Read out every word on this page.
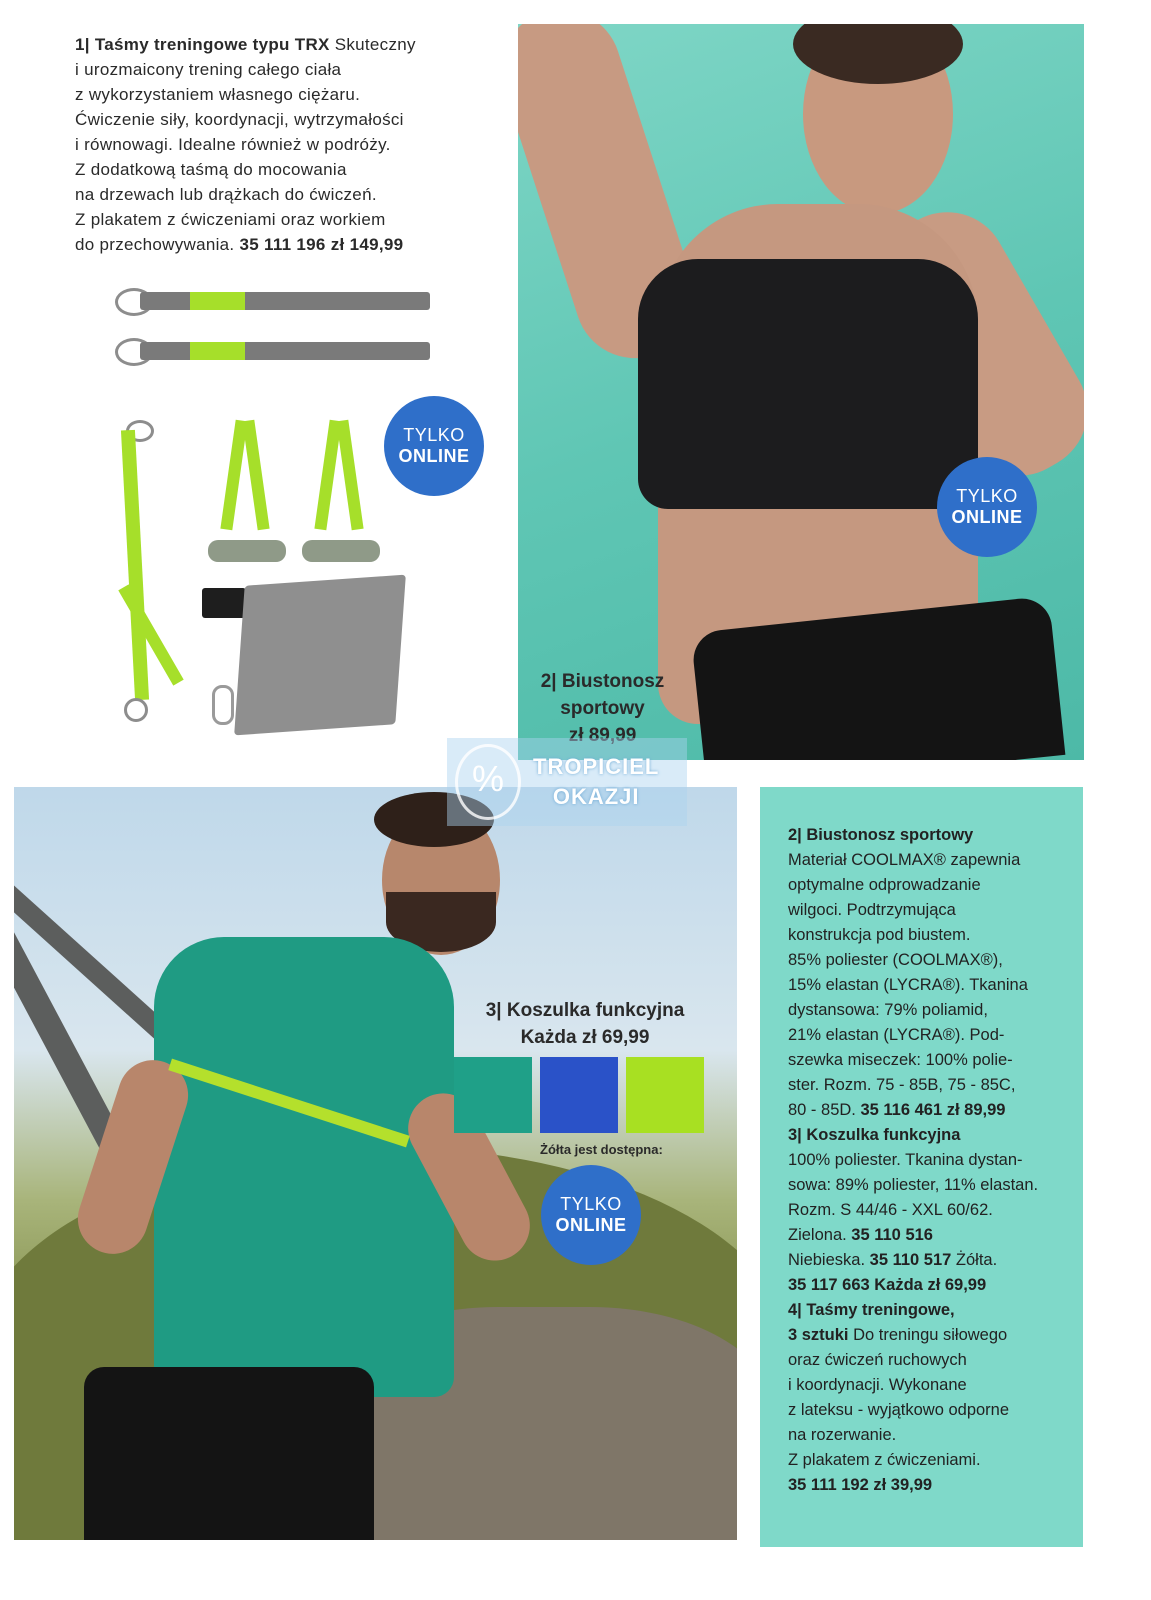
1| Taśmy treningowe typu TRX Skuteczny
i urozmaicony trening całego ciała
z wykorzystaniem własnego ciężaru.
Ćwiczenie siły, koordynacji, wytrzymałości
i równowagi. Idealne również w podróży.
Z dodatkową taśmą do mocowania
na drzewach lub drążkach do ćwiczeń.
Z plakatem z ćwiczeniami oraz workiem
do przechowywania. 35 111 196 zł 149,99
TYLKO
ONLINE
TYLKO
ONLINE
2| Biustonosz
sportowy
zł 89,99
%	TROPICIEL
OKAZJI
3| Koszulka funkcyjna
Każda zł 69,99
Żółta jest dostępna:
TYLKO
ONLINE
2| Biustonosz sportowy
Materiał COOLMAX® zapewnia
optymalne odprowadzanie
wilgoci. Podtrzymująca
konstrukcja pod biustem.
85% poliester (COOLMAX®),
15% elastan (LYCRA®). Tkanina
dystansowa: 79% poliamid,
21% elastan (LYCRA®). Pod-
szewka miseczek: 100% polie-
ster. Rozm. 75 - 85B, 75 - 85C,
80 - 85D. 35 116 461 zł 89,99
3| Koszulka funkcyjna
100% poliester. Tkanina dystan-
sowa: 89% poliester, 11% elastan.
Rozm. S 44/46 - XXL 60/62.
Zielona. 35 110 516
Niebieska. 35 110 517 Żółta.
35 117 663 Każda zł 69,99
4| Taśmy treningowe,
3 sztuki Do treningu siłowego
oraz ćwiczeń ruchowych
i koordynacji. Wykonane
z lateksu - wyjątkowo odporne
na rozerwanie.
Z plakatem z ćwiczeniami.
35 111 192 zł 39,99
